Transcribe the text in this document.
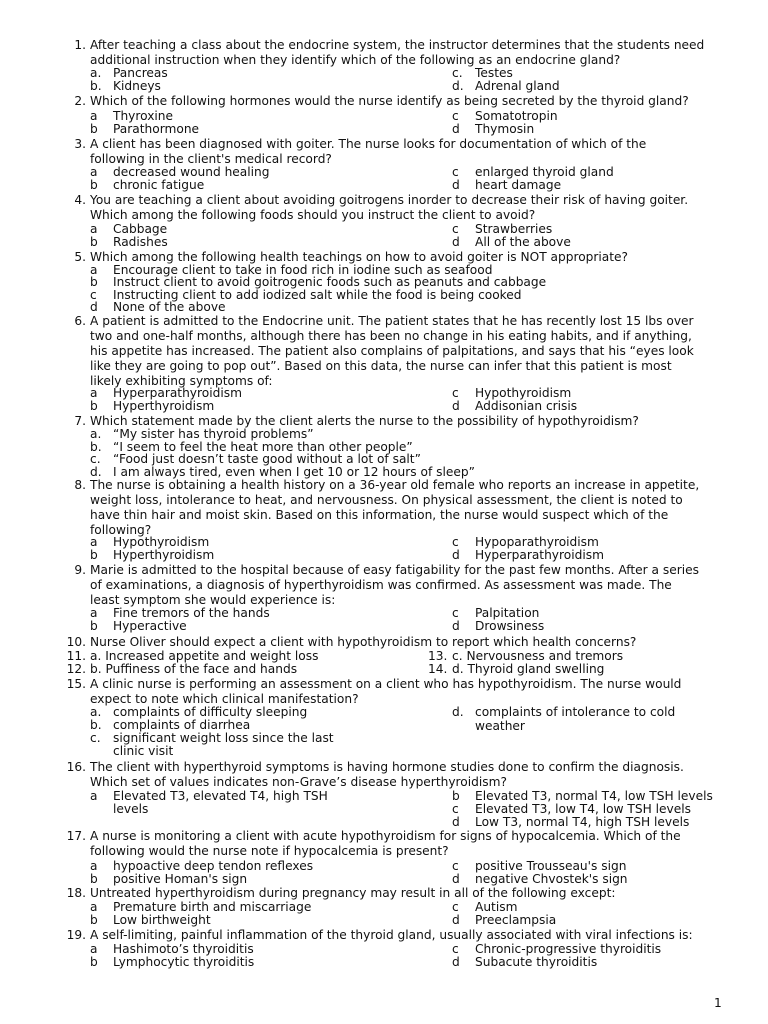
1. After teaching a class about the endocrine system, the instructor determines that the students need
additional instruction when they identify which of the following as an endocrine gland?
a. Pancreas	c. Testes
b. Kidneys	d. Adrenal gland
2. Which of the following hormones would the nurse identify as being secreted by the thyroid gland?
a Thyroxine	c Somatotropin
b Parathormone	d Thymosin
3. A client has been diagnosed with goiter. The nurse looks for documentation of which of the
following in the client's medical record?
a decreased wound healing	c enlarged thyroid gland
b chronic fatigue	d heart damage
4. You are teaching a client about avoiding goitrogens inorder to decrease their risk of having goiter.
Which among the following foods should you instruct the client to avoid?
a Cabbage	c Strawberries
b Radishes	d All of the above
5. Which among the following health teachings on how to avoid goiter is NOT appropriate?
a Encourage client to take in food rich in iodine such as seafood
b Instruct client to avoid goitrogenic foods such as peanuts and cabbage
c Instructing client to add iodized salt while the food is being cooked
d None of the above
6. A patient is admitted to the Endocrine unit. The patient states that he has recently lost 15 lbs over
two and one-half months, although there has been no change in his eating habits, and if anything,
his appetite has increased. The patient also complains of palpitations, and says that his “eyes look
like they are going to pop out”. Based on this data, the nurse can infer that this patient is most
likely exhibiting symptoms of:
a Hyperparathyroidism	c Hypothyroidism
b Hyperthyroidism	d Addisonian crisis
7. Which statement made by the client alerts the nurse to the possibility of hypothyroidism?
a. “My sister has thyroid problems”
b. “I seem to feel the heat more than other people”
c. “Food just doesn’t taste good without a lot of salt”
d. I am always tired, even when I get 10 or 12 hours of sleep”
8. The nurse is obtaining a health history on a 36-year old female who reports an increase in appetite,
weight loss, intolerance to heat, and nervousness. On physical assessment, the client is noted to
have thin hair and moist skin. Based on this information, the nurse would suspect which of the
following?
a Hypothyroidism	c Hypoparathyroidism
b Hyperthyroidism	d Hyperparathyroidism
9. Marie is admitted to the hospital because of easy fatigability for the past few months. After a series
of examinations, a diagnosis of hyperthyroidism was confirmed. As assessment was made. The
least symptom she would experience is:
a Fine tremors of the hands	c Palpitation
b Hyperactive	d Drowsiness
10. Nurse Oliver should expect a client with hypothyroidism to report which health concerns?
11. a. Increased appetite and weight loss	13. c. Nervousness and tremors
12. b. Puffiness of the face and hands	14. d. Thyroid gland swelling
15. A clinic nurse is performing an assessment on a client who has hypothyroidism. The nurse would
expect to note which clinical manifestation?
a. complaints of difficulty sleeping	d. complaints of intolerance to cold
b. complaints of diarrhea	weather
c. significant weight loss since the last
clinic visit
16. The client with hyperthyroid symptoms is having hormone studies done to confirm the diagnosis.
Which set of values indicates non-Grave’s disease hyperthyroidism?
a Elevated T3, elevated T4, high TSH	b Elevated T3, normal T4, low TSH levels
levels	c Elevated T3, low T4, low TSH levels
d Low T3, normal T4, high TSH levels
17. A nurse is monitoring a client with acute hypothyroidism for signs of hypocalcemia. Which of the
following would the nurse note if hypocalcemia is present?
a hypoactive deep tendon reflexes	c positive Trousseau's sign
b positive Homan's sign	d negative Chvostek's sign
18. Untreated hyperthyroidism during pregnancy may result in all of the following except:
a Premature birth and miscarriage	c Autism
b Low birthweight	d Preeclampsia
19. A self-limiting, painful inflammation of the thyroid gland, usually associated with viral infections is:
a Hashimoto’s thyroiditis	c Chronic-progressive thyroiditis
b Lymphocytic thyroiditis	d Subacute thyroiditis
1
